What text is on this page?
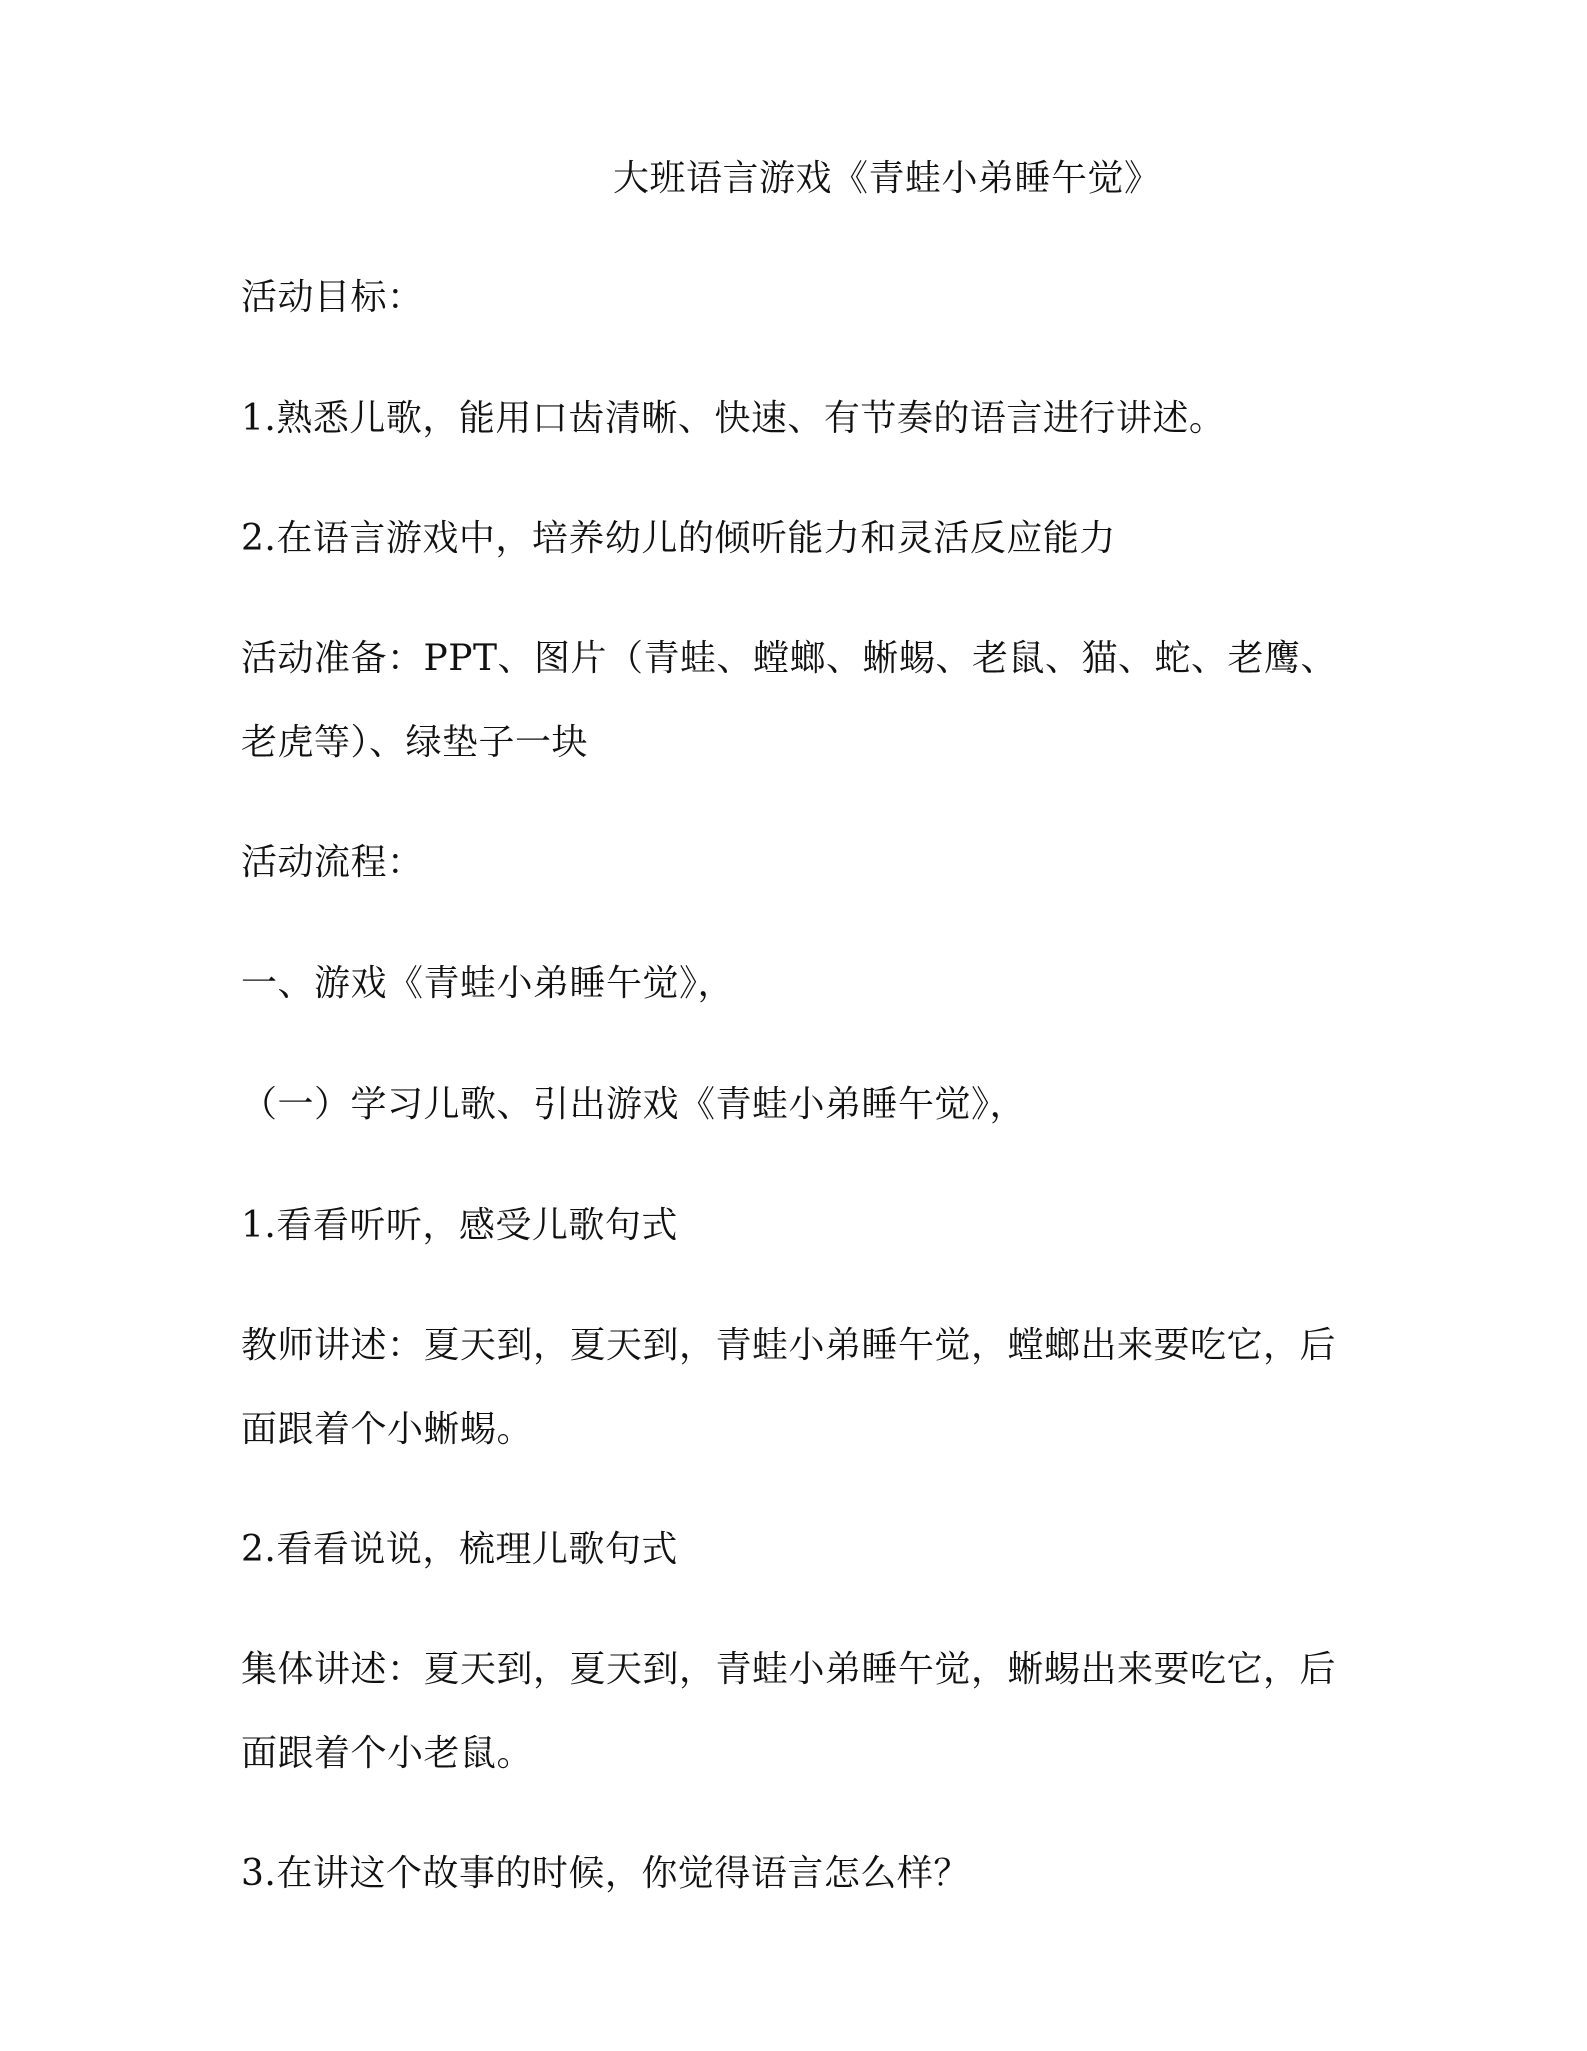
大班语言游戏《青蛙小弟睡午觉》
活动目标：
1.熟悉儿歌，能用口齿清晰、快速、有节奏的语言进行讲述。
2.在语言游戏中，培养幼儿的倾听能力和灵活反应能力
活动准备：PPT、图片（青蛙、螳螂、蜥蜴、老鼠、猫、蛇、老鹰、
老虎等）、绿垫子一块
活动流程：
一、游戏《青蛙小弟睡午觉》，
（一）学习儿歌、引出游戏《青蛙小弟睡午觉》，
1.看看听听，感受儿歌句式
教师讲述：夏天到，夏天到，青蛙小弟睡午觉，螳螂出来要吃它，后
面跟着个小蜥蜴。
2.看看说说，梳理儿歌句式
集体讲述：夏天到，夏天到，青蛙小弟睡午觉，蜥蜴出来要吃它，后
面跟着个小老鼠。
3.在讲这个故事的时候，你觉得语言怎么样？
